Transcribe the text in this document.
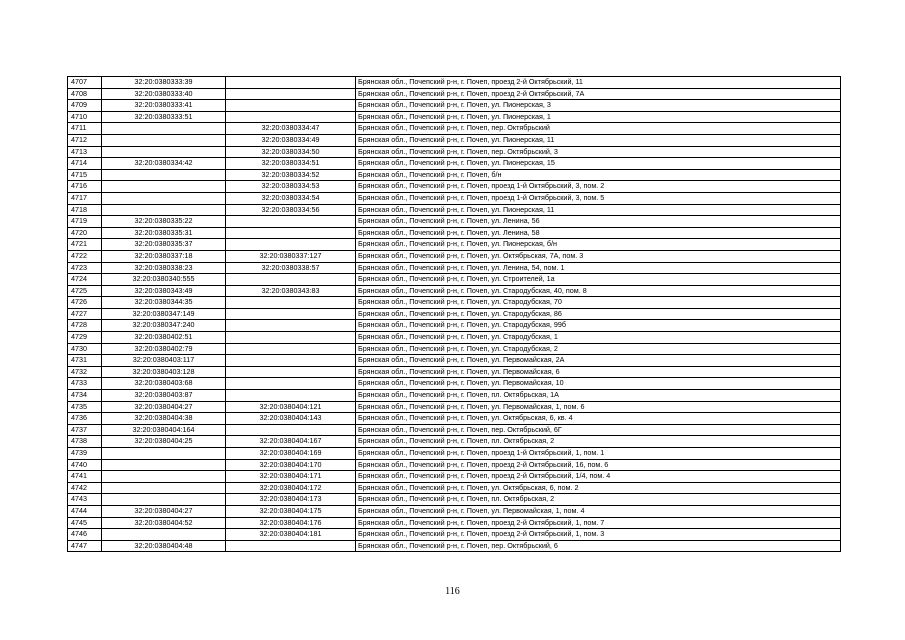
4707	32:20:0380333:39		Брянская обл., Почепский р-н, г. Почеп, проезд 2-й Октябрьский, 11
4708	32:20:0380333:40		Брянская обл., Почепский р-н, г. Почеп, проезд 2-й Октябрьский, 7А
4709	32:20:0380333:41		Брянская обл., Почепский р-н, г. Почеп, ул. Пионерская, 3
4710	32:20:0380333:51		Брянская обл., Почепский р-н, г. Почеп, ул. Пионерская, 1
4711		32:20:0380334:47	Брянская обл., Почепский р-н, г. Почеп, пер. Октябрьский
4712		32:20:0380334:49	Брянская обл., Почепский р-н, г. Почеп, ул. Пионерская, 11
4713		32:20:0380334:50	Брянская обл., Почепский р-н, г. Почеп, пер. Октябрьский, 3
4714	32:20:0380334:42	32:20:0380334:51	Брянская обл., Почепский р-н, г. Почеп, ул. Пионерская, 15
4715		32:20:0380334:52	Брянская обл., Почепский р-н, г. Почеп, б/н
4716		32:20:0380334:53	Брянская обл., Почепский р-н, г. Почеп, проезд 1-й Октябрьский, 3, пом. 2
4717		32:20:0380334:54	Брянская обл., Почепский р-н, г. Почеп, проезд 1-й Октябрьский, 3, пом. 5
4718		32:20:0380334:56	Брянская обл., Почепский р-н, г. Почеп, ул. Пионерская, 11
4719	32:20:0380335:22		Брянская обл., Почепский р-н, г. Почеп, ул. Ленина, 56
4720	32:20:0380335:31		Брянская обл., Почепский р-н, г. Почеп, ул. Ленина, 58
4721	32:20:0380335:37		Брянская обл., Почепский р-н, г. Почеп, ул. Пионерская, б/н
4722	32:20:0380337:18	32:20:0380337:127	Брянская обл., Почепский р-н, г. Почеп, ул. Октябрьская, 7А, пом. 3
4723	32:20:0380338:23	32:20:0380338:57	Брянская обл., Почепский р-н, г. Почеп, ул. Ленина, 54, пом. 1
4724	32:20:0380340:555		Брянская обл., Почепский р-н, г. Почеп, ул. Строителей, 1а
4725	32:20:0380343:49	32:20:0380343:83	Брянская обл., Почепский р-н, г. Почеп, ул. Стародубская, 40, пом. 8
4726	32:20:0380344:35		Брянская обл., Почепский р-н, г. Почеп, ул. Стародубская, 70
4727	32:20:0380347:149		Брянская обл., Почепский р-н, г. Почеп, ул. Стародубская, 86
4728	32:20:0380347:240		Брянская обл., Почепский р-н, г. Почеп, ул. Стародубская, 99б
4729	32:20:0380402:51		Брянская обл., Почепский р-н, г. Почеп, ул. Стародубская, 1
4730	32:20:0380402:79		Брянская обл., Почепский р-н, г. Почеп, ул. Стародубская, 2
4731	32:20:0380403:117		Брянская обл., Почепский р-н, г. Почеп, ул. Первомайская, 2А
4732	32:20:0380403:128		Брянская обл., Почепский р-н, г. Почеп, ул. Первомайская, 6
4733	32:20:0380403:68		Брянская обл., Почепский р-н, г. Почеп, ул. Первомайская, 10
4734	32:20:0380403:87		Брянская обл., Почепский р-н, г. Почеп, пл. Октябрьская, 1А
4735	32:20:0380404:27	32:20:0380404:121	Брянская обл., Почепский р-н, г. Почеп, ул. Первомайская, 1, пом. 6
4736	32:20:0380404:38	32:20:0380404:143	Брянская обл., Почепский р-н, г. Почеп, ул. Октябрьская, 6, кв. 4
4737	32:20:0380404:164		Брянская обл., Почепский р-н, г. Почеп, пер. Октябрьский, 6Г
4738	32:20:0380404:25	32:20:0380404:167	Брянская обл., Почепский р-н, г. Почеп, пл. Октябрьская, 2
4739		32:20:0380404:169	Брянская обл., Почепский р-н, г. Почеп, проезд 1-й Октябрьский, 1, пом. 1
4740		32:20:0380404:170	Брянская обл., Почепский р-н, г. Почеп, проезд 2-й Октябрьский, 16, пом. 6
4741		32:20:0380404:171	Брянская обл., Почепский р-н, г. Почеп, проезд 2-й Октябрьский, 1/4, пом. 4
4742		32:20:0380404:172	Брянская обл., Почепский р-н, г. Почеп, ул. Октябрьская, 6, пом. 2
4743		32:20:0380404:173	Брянская обл., Почепский р-н, г. Почеп, пл. Октябрьская, 2
4744	32:20:0380404:27	32:20:0380404:175	Брянская обл., Почепский р-н, г. Почеп, ул. Первомайская, 1, пом. 4
4745	32:20:0380404:52	32:20:0380404:176	Брянская обл., Почепский р-н, г. Почеп, проезд 2-й Октябрьский, 1, пом. 7
4746		32:20:0380404:181	Брянская обл., Почепский р-н, г. Почеп, проезд 2-й Октябрьский, 1, пом. 3
4747	32:20:0380404:48		Брянская обл., Почепский р-н, г. Почеп, пер. Октябрьский, 6
116
